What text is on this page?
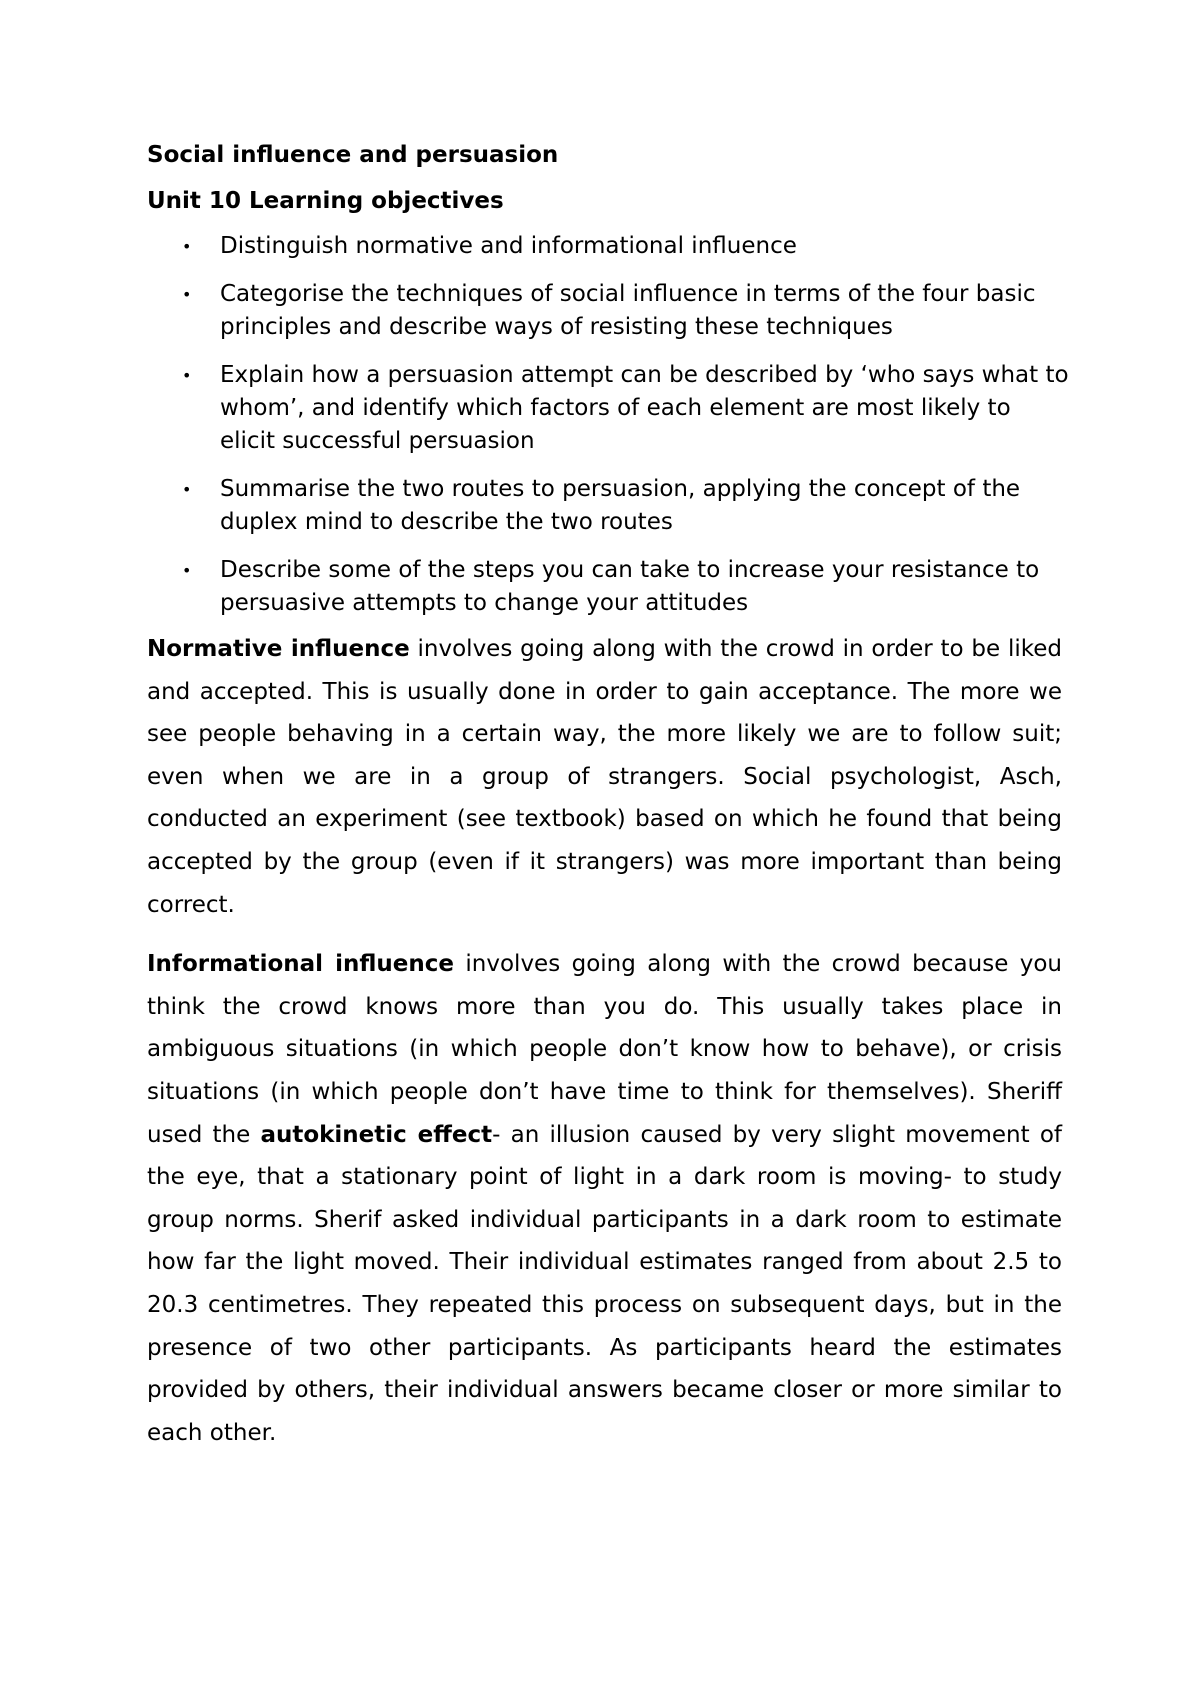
Social influence and persuasion
Unit 10 Learning objectives
• Distinguish normative and informational influence
• Categorise the techniques of social influence in terms of the four basic principles and describe ways of resisting these techniques
• Explain how a persuasion attempt can be described by ‘who says what to whom’, and identify which factors of each element are most likely to elicit successful persuasion
• Summarise the two routes to persuasion, applying the concept of the duplex mind to describe the two routes
• Describe some of the steps you can take to increase your resistance to persuasive attempts to change your attitudes

Normative influence involves going along with the crowd in order to be liked and accepted. This is usually done in order to gain acceptance. The more we see people behaving in a certain way, the more likely we are to follow suit; even when we are in a group of strangers. Social psychologist, Asch, conducted an experiment (see textbook) based on which he found that being accepted by the group (even if it strangers) was more important than being correct.

Informational influence involves going along with the crowd because you think the crowd knows more than you do. This usually takes place in ambiguous situations (in which people don’t know how to behave), or crisis situations (in which people don’t have time to think for themselves). Sheriff used the autokinetic effect- an illusion caused by very slight movement of the eye, that a stationary point of light in a dark room is moving- to study group norms. Sherif asked individual participants in a dark room to estimate how far the light moved. Their individual estimates ranged from about 2.5 to 20.3 centimetres. They repeated this process on subsequent days, but in the presence of two other participants. As participants heard the estimates provided by others, their individual answers became closer or more similar to each other.
